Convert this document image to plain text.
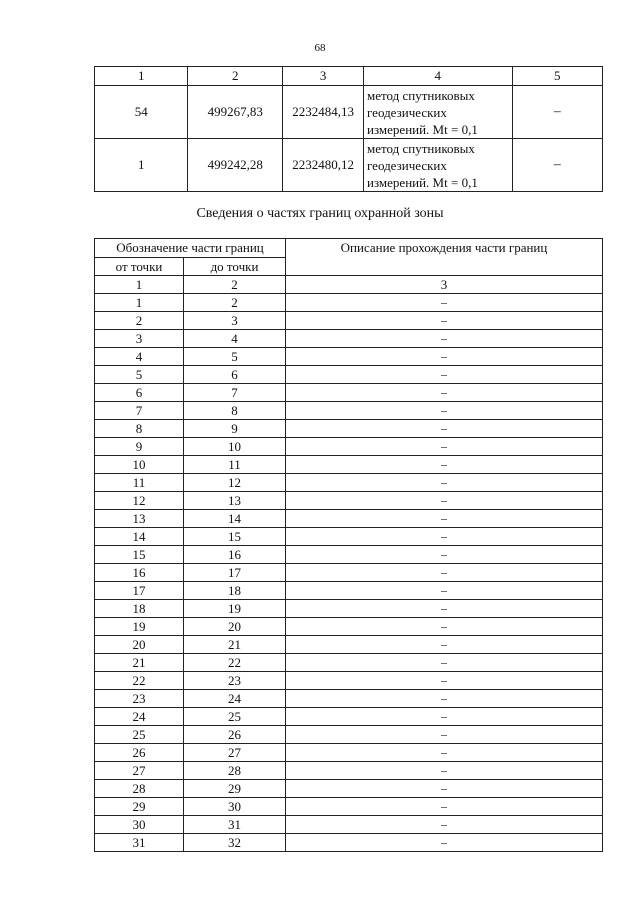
68
1	2	3	4	5
54	499267,83	2232484,13	метод спутниковых
геодезических
измерений. Mt = 0,1	–
1	499242,28	2232480,12	метод спутниковых
геодезических
измерений. Mt = 0,1	–
Сведения о частях границ охранной зоны
Обозначение части границ		Описание прохождения части границ
от точки	до точки	
1	2	3
1	2	–
2	3	–
3	4	–
4	5	–
5	6	–
6	7	–
7	8	–
8	9	–
9	10	–
10	11	–
11	12	–
12	13	–
13	14	–
14	15	–
15	16	–
16	17	–
17	18	–
18	19	–
19	20	–
20	21	–
21	22	–
22	23	–
23	24	–
24	25	–
25	26	–
26	27	–
27	28	–
28	29	–
29	30	–
30	31	–
31	32	–
